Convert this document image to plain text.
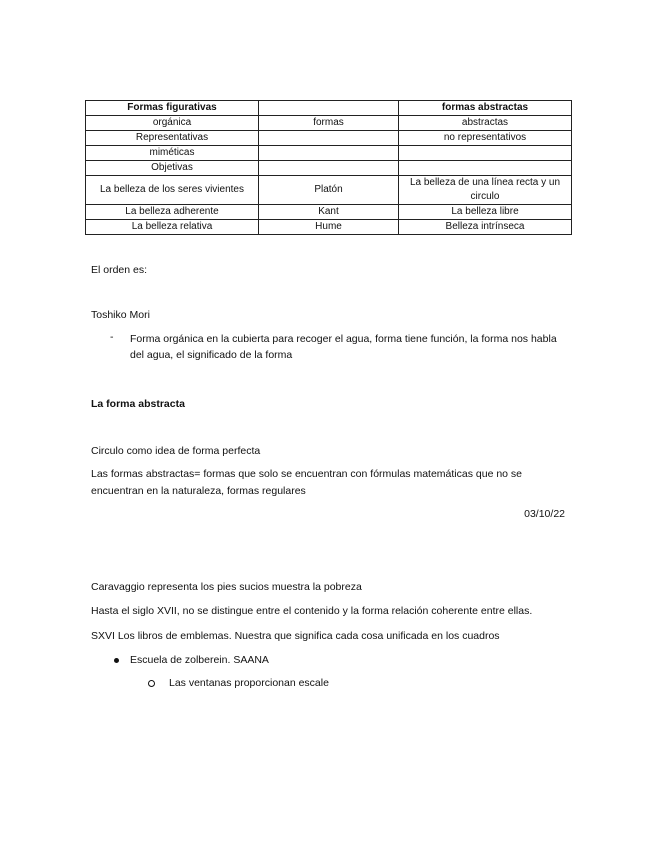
Formas figurativas		formas abstractas
orgánica	formas	abstractas
Representativas		no representativos
miméticas		
Objetivas		
La belleza de los seres vivientes	Platón	La belleza de una línea recta y un circulo
La belleza adherente	Kant	La belleza libre
La belleza relativa	Hume	Belleza intrínseca
El orden es:
Toshiko Mori
- Forma orgánica en la cubierta para recoger el agua, forma tiene función, la forma nos habla del agua, el significado de la forma
La forma abstracta
Circulo como idea de forma perfecta
Las formas abstractas= formas que solo se encuentran con fórmulas matemáticas que no se encuentran en la naturaleza, formas regulares
03/10/22
Caravaggio representa los pies sucios muestra la pobreza
Hasta el siglo XVII, no se distingue entre el contenido y la forma relación coherente entre ellas.
SXVI Los libros de emblemas. Nuestra que significa cada cosa unificada en los cuadros
Escuela de zolberein. SAANA
Las ventanas proporcionan escale
